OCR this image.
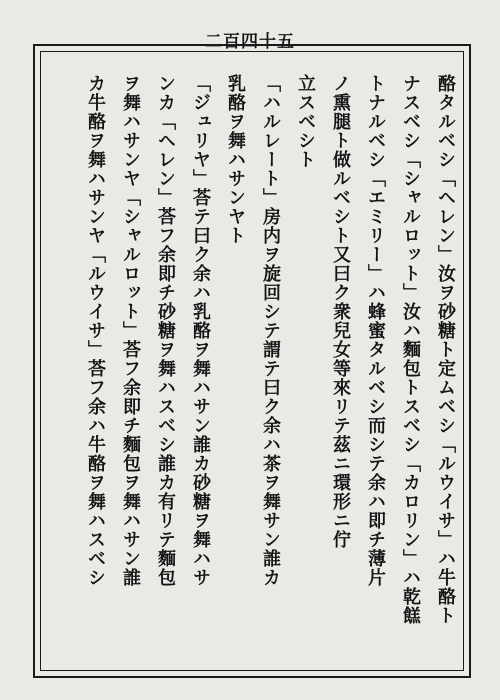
二百四十五
酪タルベシ「ヘレン」汝ヲ砂糖ト定ムベシ「ルウイサ」ハ牛酪ト
ナスベシ「シャルロット」汝ハ麵包トスベシ「カロリン」ハ乾餻
トナルベシ「エミリー」ハ蜂蜜タルベシ而シテ余ハ即チ薄片
ノ熏腿ト做ルベシト又曰ク衆兒女等來リテ茲ニ環形ニ佇
立スベシト
「ハルレート」房内ヲ旋回シテ謂テ曰ク余ハ茶ヲ舞サン誰カ
乳酪ヲ舞ハサンヤト
「ジュリヤ」荅テ曰ク余ハ乳酪ヲ舞ハサン誰カ砂糖ヲ舞ハサ
ンカ「ヘレン」荅フ余即チ砂糖ヲ舞ハスベシ誰カ有リテ麵包
ヲ舞ハサンヤ「シャルロット」荅フ余即チ麵包ヲ舞ハサン誰
カ牛酪ヲ舞ハサンヤ「ルウイサ」荅フ余ハ牛酪ヲ舞ハスベシ
